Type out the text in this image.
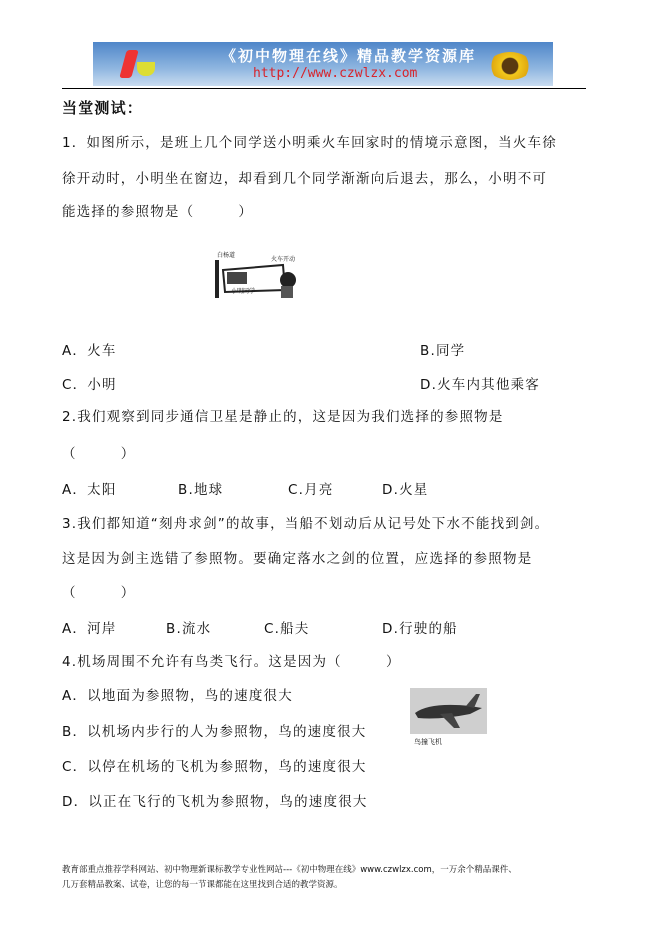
《初中物理在线》精品教学资源库
http://www.czwlzx.com
当堂测试：
1．如图所示，是班上几个同学送小明乘火车回家时的情境示意图，当火车徐
徐开动时，小明坐在窗边，却看到几个同学渐渐向后退去，那么，小明不可
能选择的参照物是（　　　）
白杨道
火车开动
小明同学
A．火车	B.同学
C．小明	D.火车内其他乘客
2.我们观察到同步通信卫星是静止的，这是因为我们选择的参照物是
（　　　）
A．太阳	B.地球	C.月亮	D.火星
3.我们都知道“刻舟求剑”的故事，当船不划动后从记号处下水不能找到剑。
这是因为剑主选错了参照物。要确定落水之剑的位置，应选择的参照物是
（　　　）
A．河岸	B.流水	C.船夫	D.行驶的船
4.机场周围不允许有鸟类飞行。这是因为（　　　）
A．以地面为参照物，鸟的速度很大
B．以机场内步行的人为参照物，鸟的速度很大
C．以停在机场的飞机为参照物，鸟的速度很大
D．以正在飞行的飞机为参照物，鸟的速度很大
鸟撞飞机
教育部重点推荐学科网站、初中物理新课标教学专业性网站---《初中物理在线》www.czwlzx.com，一万余个精品课件、
几万套精品教案、试卷，让您的每一节课都能在这里找到合适的教学资源。
